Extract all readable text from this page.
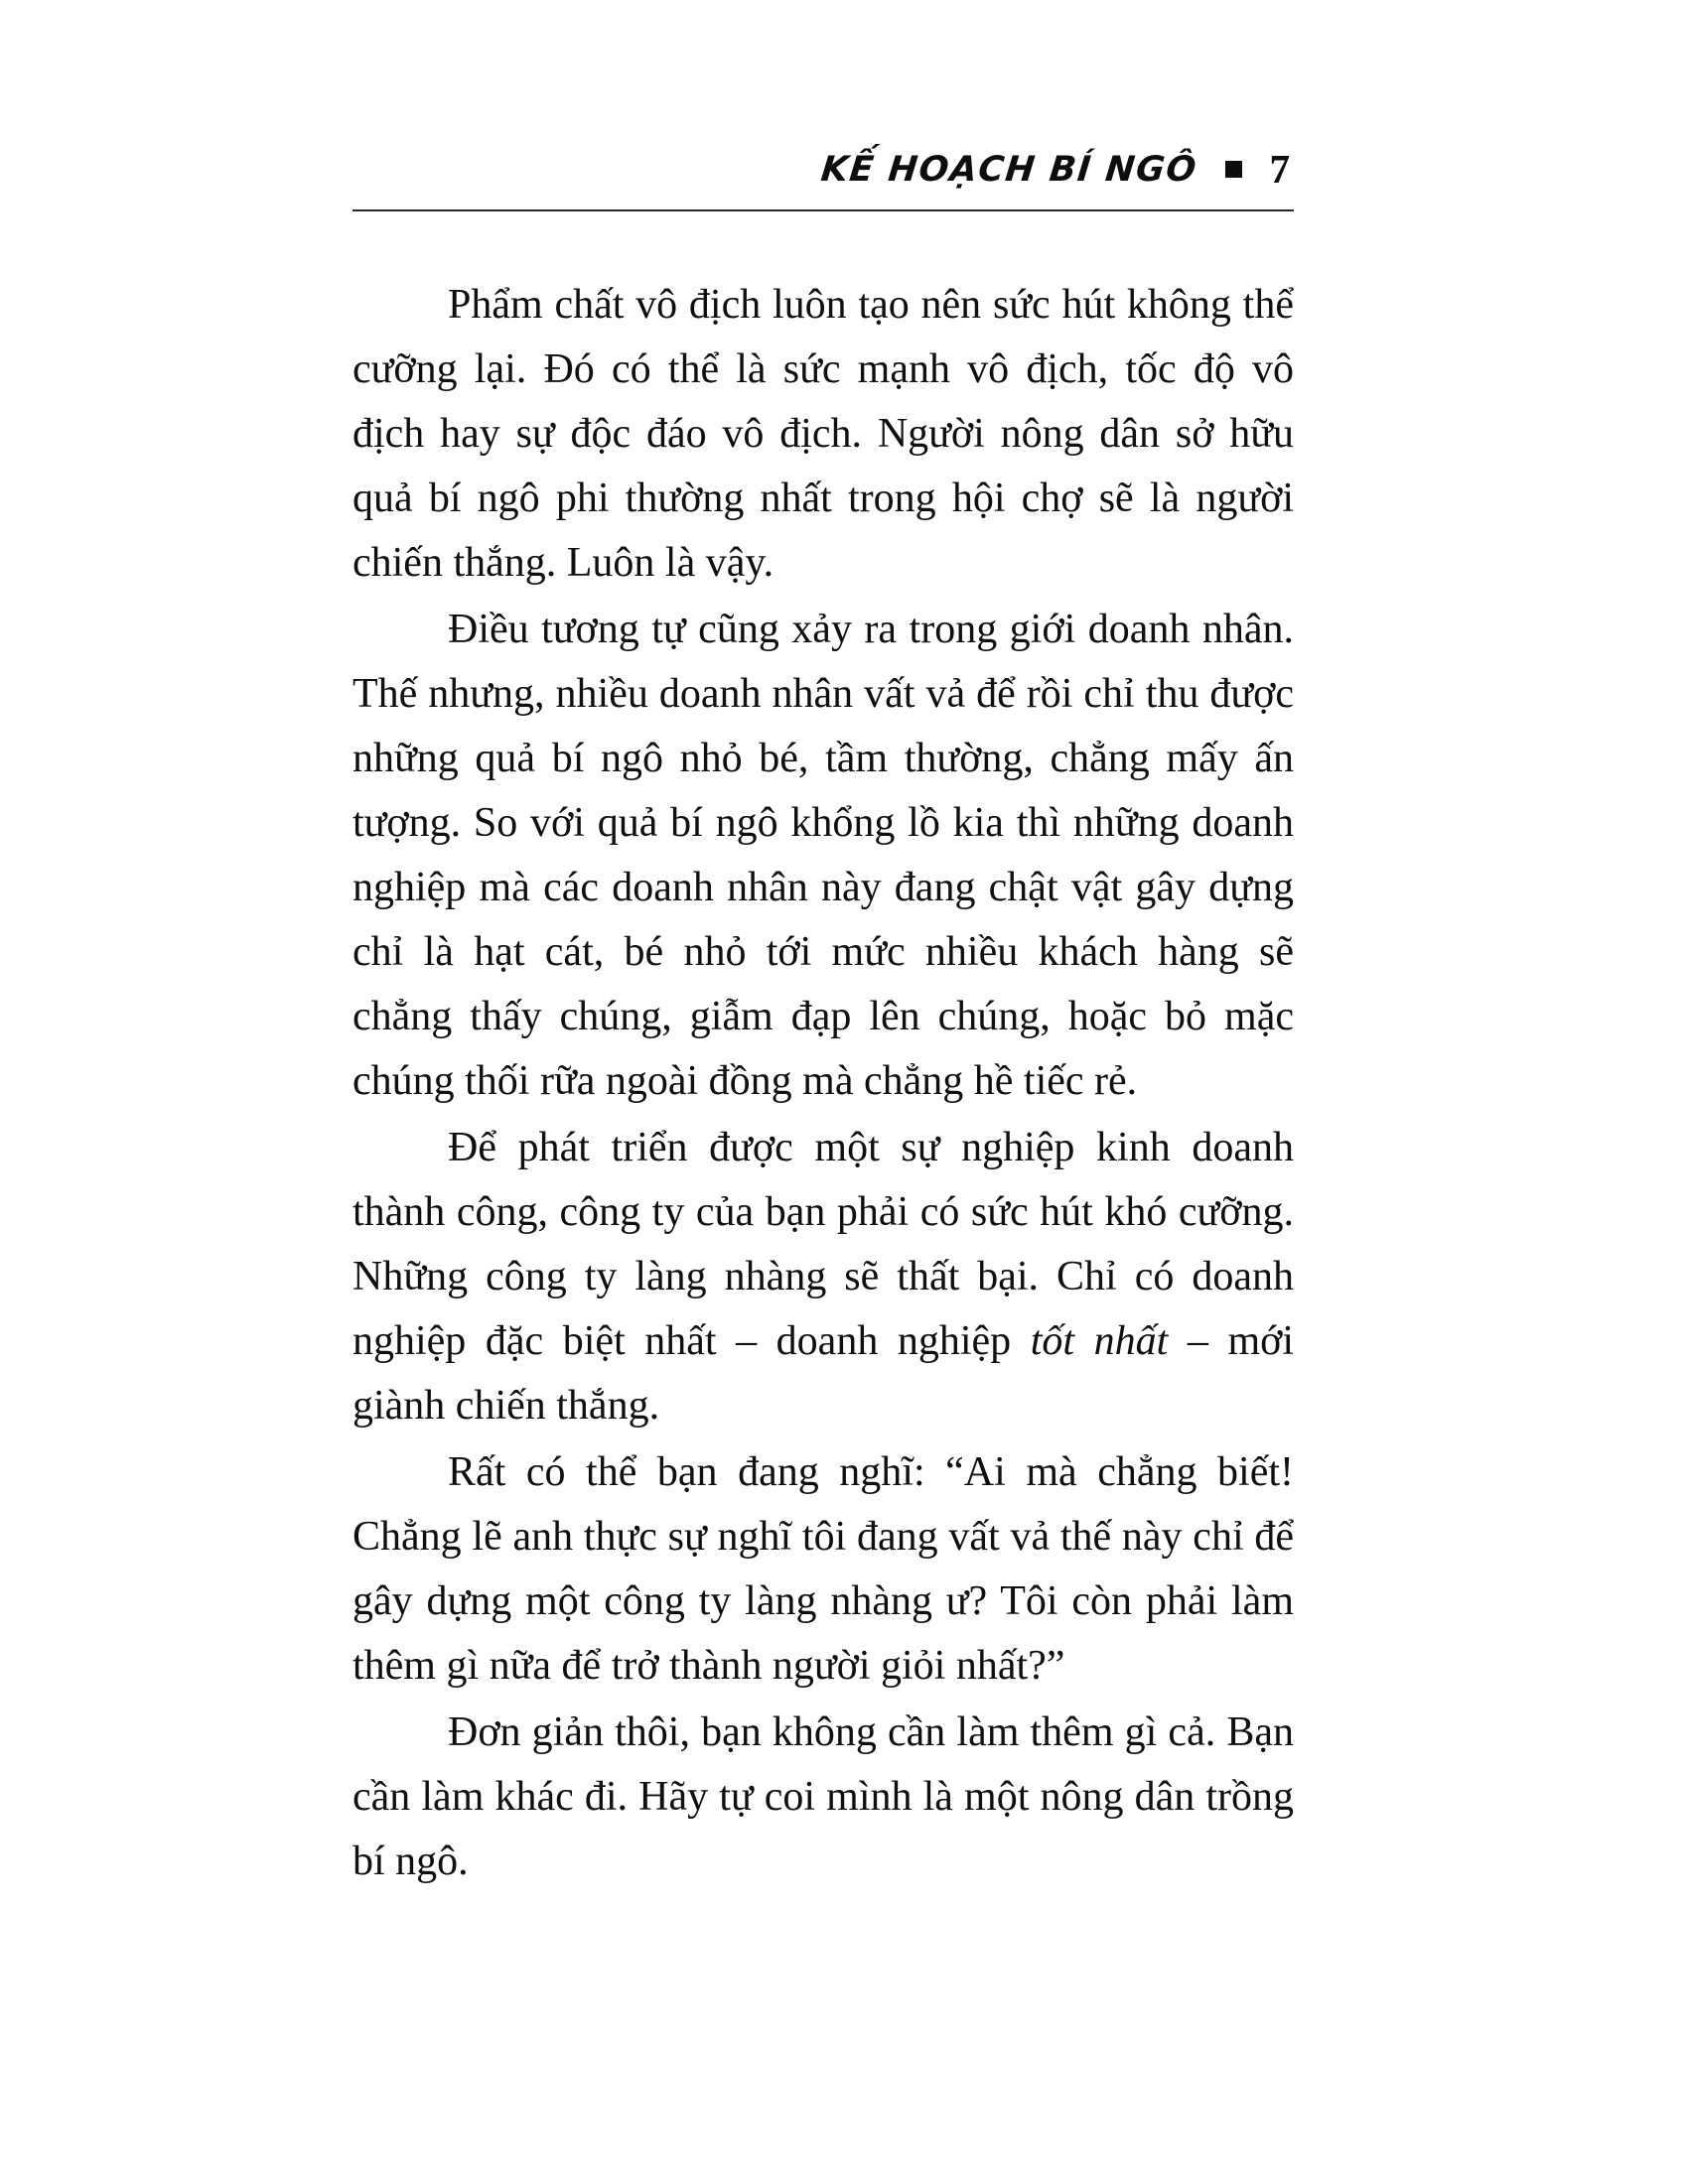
KẾ HOẠCH BÍ NGÔ 7

Phẩm chất vô địch luôn tạo nên sức hút không thể cưỡng lại. Đó có thể là sức mạnh vô địch, tốc độ vô địch hay sự độc đáo vô địch. Người nông dân sở hữu quả bí ngô phi thường nhất trong hội chợ sẽ là người chiến thắng. Luôn là vậy.

Điều tương tự cũng xảy ra trong giới doanh nhân. Thế nhưng, nhiều doanh nhân vất vả để rồi chỉ thu được những quả bí ngô nhỏ bé, tầm thường, chẳng mấy ấn tượng. So với quả bí ngô khổng lồ kia thì những doanh nghiệp mà các doanh nhân này đang chật vật gây dựng chỉ là hạt cát, bé nhỏ tới mức nhiều khách hàng sẽ chẳng thấy chúng, giẫm đạp lên chúng, hoặc bỏ mặc chúng thối rữa ngoài đồng mà chẳng hề tiếc rẻ.

Để phát triển được một sự nghiệp kinh doanh thành công, công ty của bạn phải có sức hút khó cưỡng. Những công ty làng nhàng sẽ thất bại. Chỉ có doanh nghiệp đặc biệt nhất – doanh nghiệp tốt nhất – mới giành chiến thắng.

Rất có thể bạn đang nghĩ: “Ai mà chẳng biết! Chẳng lẽ anh thực sự nghĩ tôi đang vất vả thế này chỉ để gây dựng một công ty làng nhàng ư? Tôi còn phải làm thêm gì nữa để trở thành người giỏi nhất?”

Đơn giản thôi, bạn không cần làm thêm gì cả. Bạn cần làm khác đi. Hãy tự coi mình là một nông dân trồng bí ngô.
